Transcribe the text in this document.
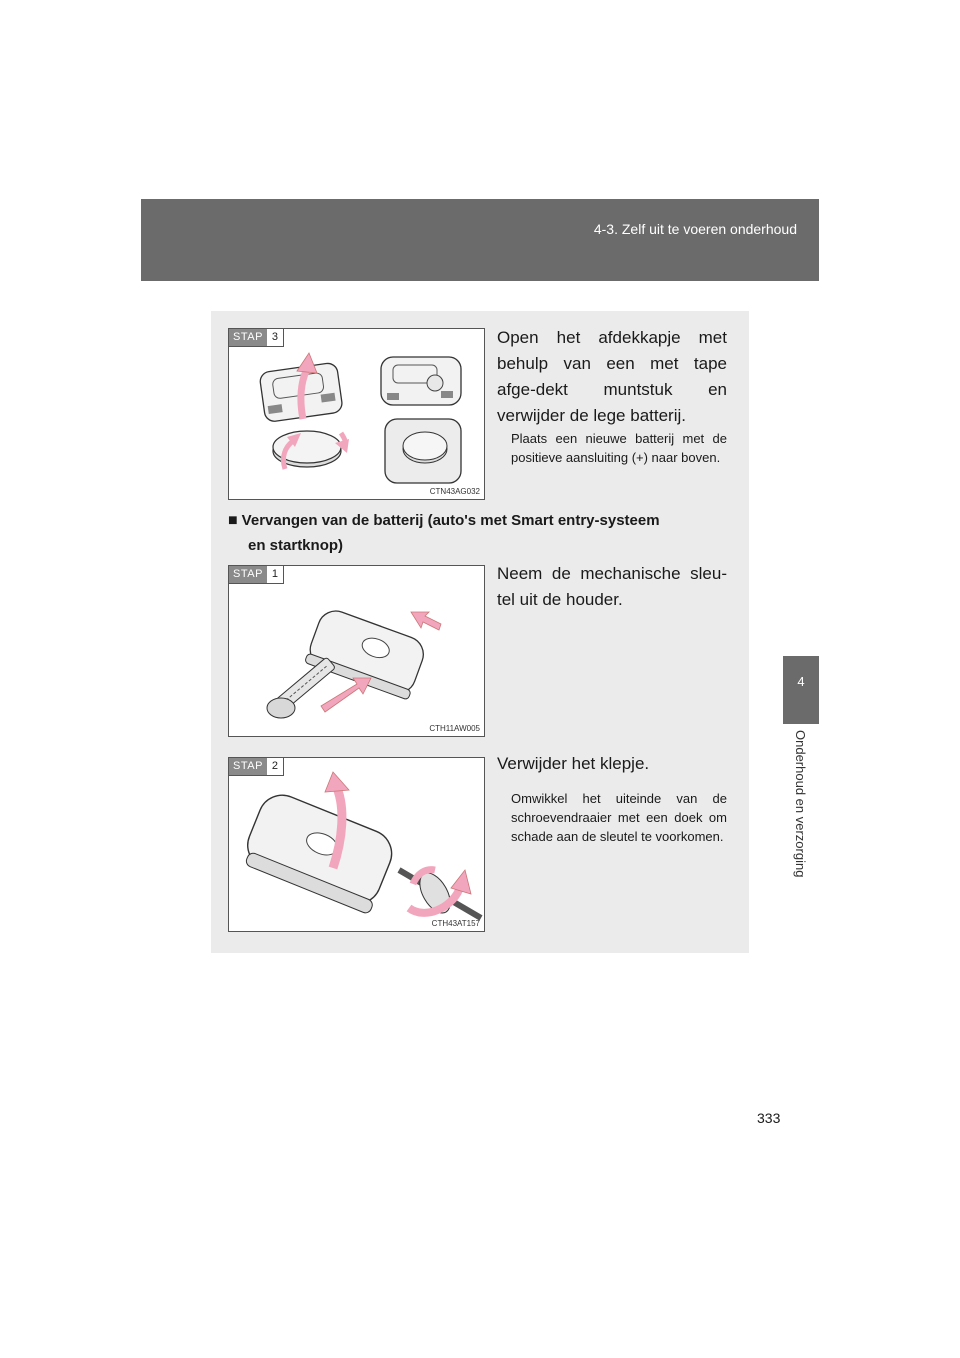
4-3. Zelf uit te voeren onderhoud
4
Onderhoud en verzorging
STAP 3
CTN43AG032
Open het afdekkapje met behulp van een met tape afge-dekt muntstuk en verwijder de lege batterij.
Plaats een nieuwe batterij met de positieve aansluiting (+) naar boven.
■ Vervangen van de batterij (auto's met Smart entry-systeem
en startknop)
STAP 1
CTH11AW005
Neem de mechanische sleu-tel uit de houder.
STAP 2
CTH43AT157
Verwijder het klepje.
Omwikkel het uiteinde van de schroevendraaier met een doek om schade aan de sleutel te voorkomen.
333
